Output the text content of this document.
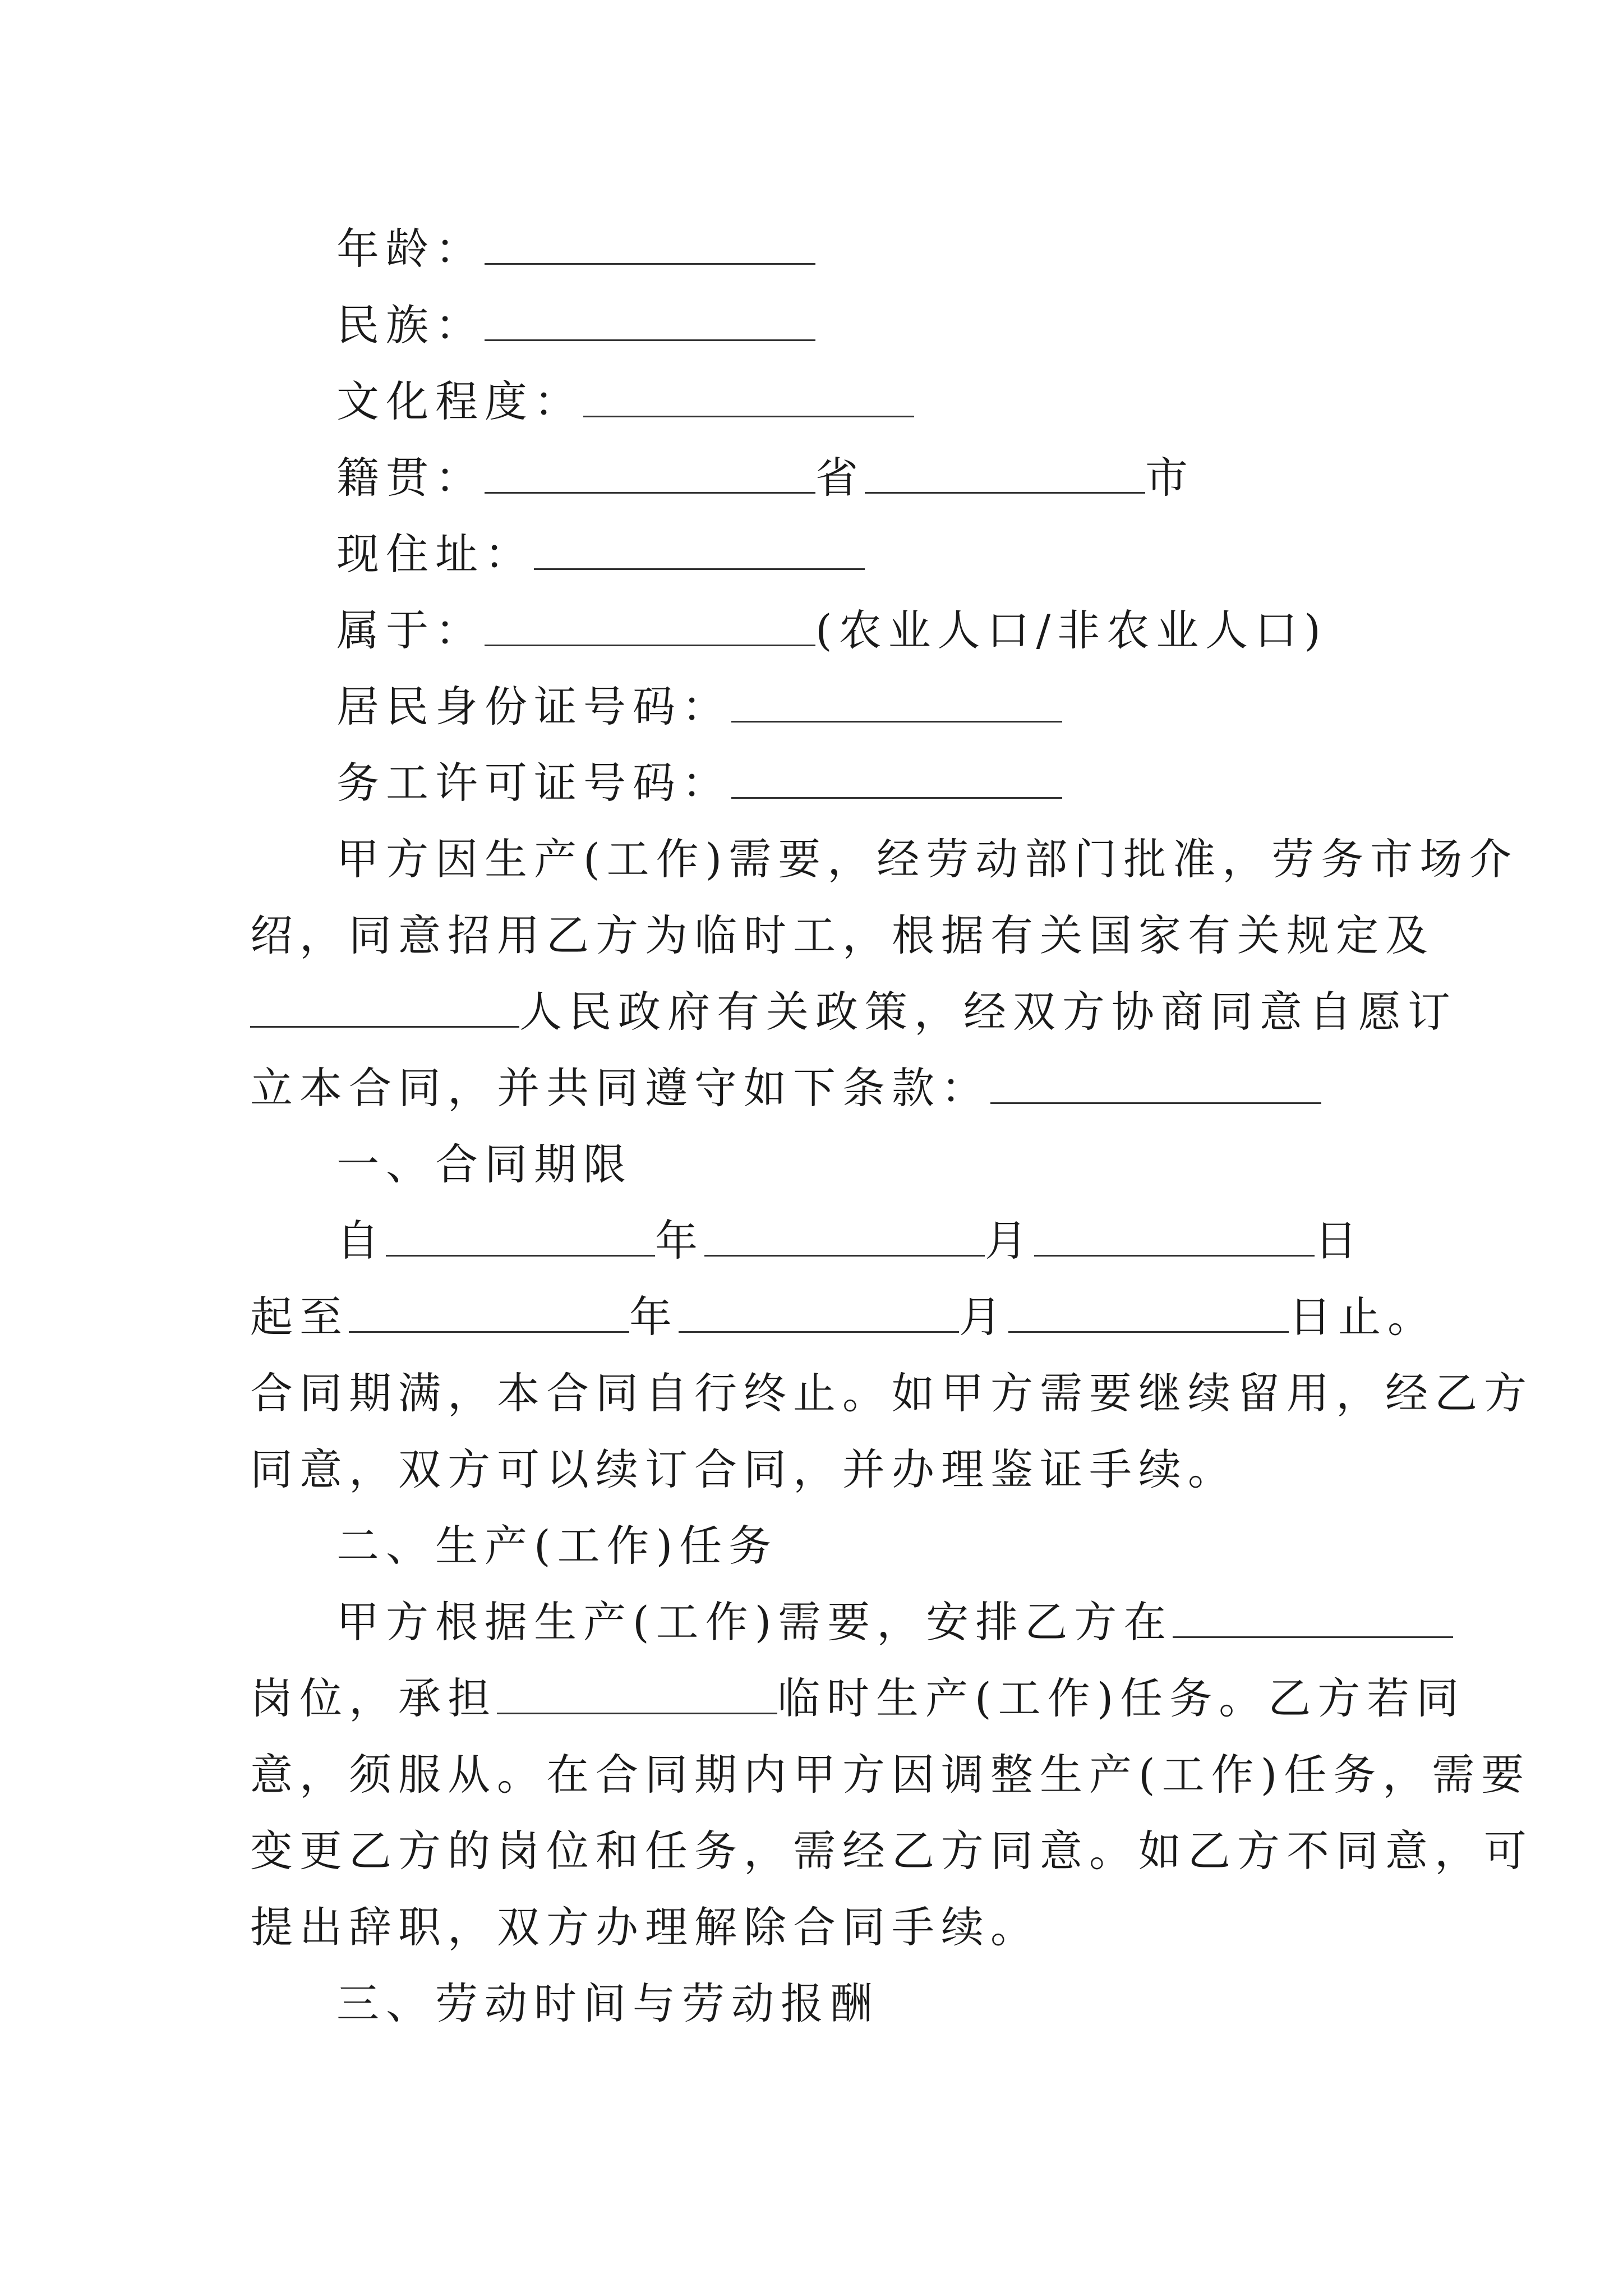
年龄：
民族：
文化程度：
籍贯：	省	市
现住址：
属于：	(农业人口/非农业人口)
居民身份证号码：
务工许可证号码：
甲方因生产(工作)需要，经劳动部门批准，劳务市场介
绍，同意招用乙方为临时工，根据有关国家有关规定及
人民政府有关政策，经双方协商同意自愿订
立本合同，并共同遵守如下条款：
一、合同期限
自	年	月	日
起至	年	月	日止。
合同期满，本合同自行终止。如甲方需要继续留用，经乙方
同意，双方可以续订合同，并办理鉴证手续。
二、生产(工作)任务
甲方根据生产(工作)需要，安排乙方在
岗位，承担	临时生产(工作)任务。乙方若同
意，须服从。在合同期内甲方因调整生产(工作)任务，需要
变更乙方的岗位和任务，需经乙方同意。如乙方不同意，可
提出辞职，双方办理解除合同手续。
三、劳动时间与劳动报酬
